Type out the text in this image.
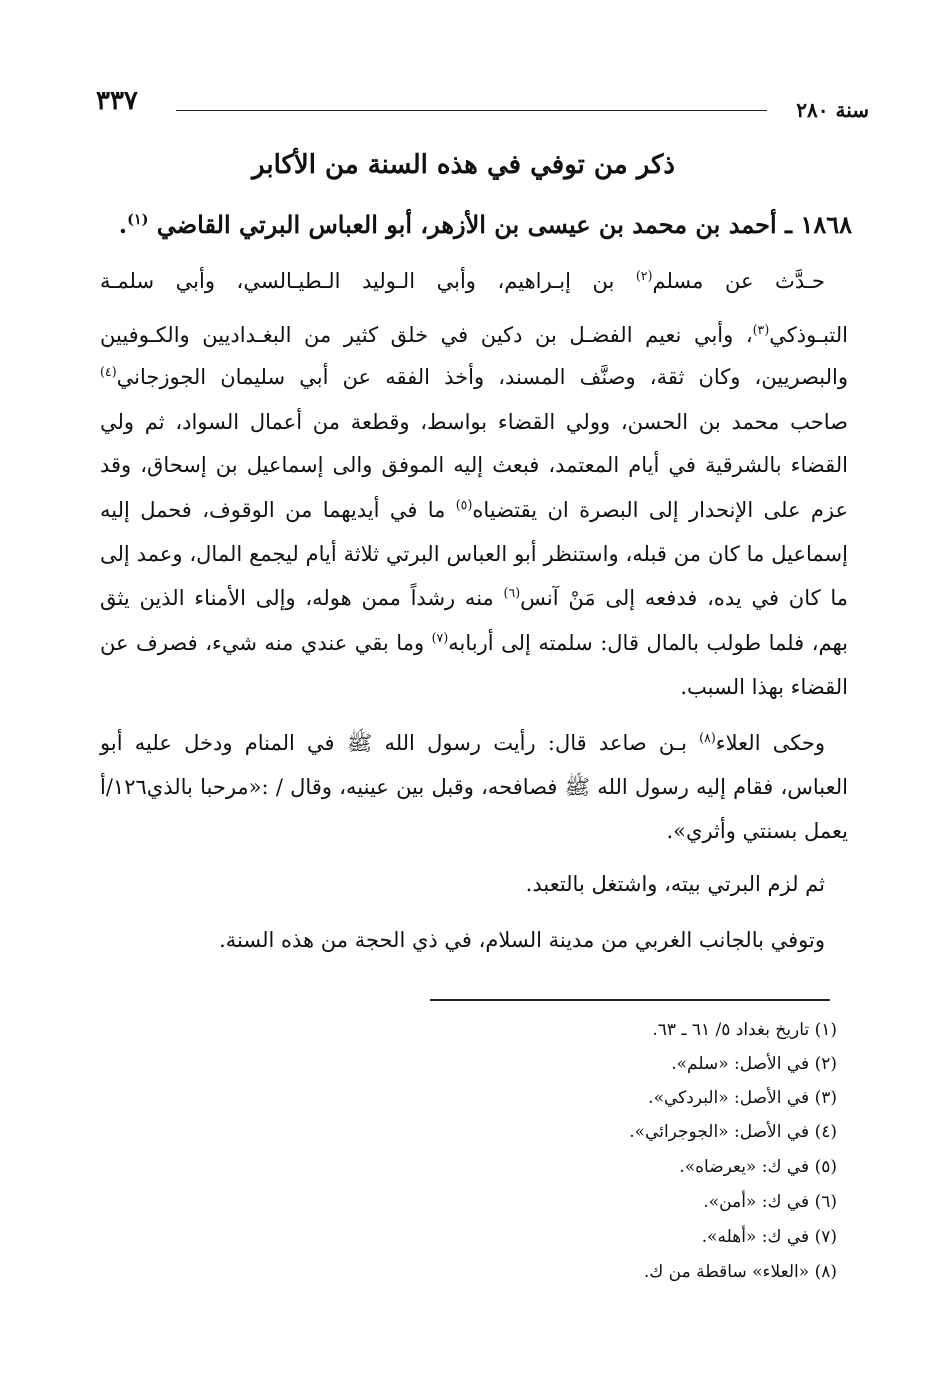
٣٣٧	سنة ٢٨٠
ذكر من توفي في هذه السنة من الأكابر
١٨٦٨ ـ أحمد بن محمد بن عيسى بن الأزهر، أبو العباس البرتي القاضي $^{(١)}$.
حـدَّث عن مسلم$^{(٢)}$ بن إبـراهيم، وأبي الـوليد الـطيـالسي، وأبي سلمـة
التبـوذكي$^{(٣)}$، وأبي نعيم الفضـل بن دكين في خلق كثير من البغـداديين والكـوفيين
والبصريين، وكان ثقة، وصنَّف المسند، وأخذ الفقه عن أبي سليمان الجوزجاني$^{(٤)}$
صاحب محمد بن الحسن، وولي القضاء بواسط، وقطعة من أعمال السواد، ثم ولي
القضاء بالشرقية في أيام المعتمد، فبعث إليه الموفق والى إسماعيل بن إسحاق، وقد
عزم على الإنحدار إلى البصرة ان يقتضياه$^{(٥)}$ ما في أيديهما من الوقوف، فحمل إليه
إسماعيل ما كان من قبله، واستنظر أبو العباس البرتي ثلاثة أيام ليجمع المال، وعمد إلى
ما كان في يده، فدفعه إلى مَنْ آنس$^{(٦)}$ منه رشداً ممن هوله، وإلى الأمناء الذين يثق
بهم، فلما طولب بالمال قال: سلمته إلى أربابه$^{(٧)}$ وما بقي عندي منه شيء، فصرف عن
القضاء بهذا السبب.
وحكى العلاء$^{(٨)}$ بـن صاعد قال: رأيت رسول الله ﷺ في المنام ودخل عليه أبو
العباس، فقام إليه رسول الله ﷺ فصافحه، وقبل بين عينيه، وقال / :«مرحبا بالذي١٢٦/أ
يعمل بسنتي وأثري».
ثم لزم البرتي بيته، واشتغل بالتعبد.
وتوفي بالجانب الغربي من مدينة السلام، في ذي الحجة من هذه السنة.
(١) تاريخ بغداد ٥/ ٦١ ـ ٦٣.
(٢) في الأصل: «سلم».
(٣) في الأصل: «البردكي».
(٤) في الأصل: «الجوجرائي».
(٥) في ك: «يعرضاه».
(٦) في ك: «أمن».
(٧) في ك: «أهله».
(٨) «العلاء» ساقطة من ك.
